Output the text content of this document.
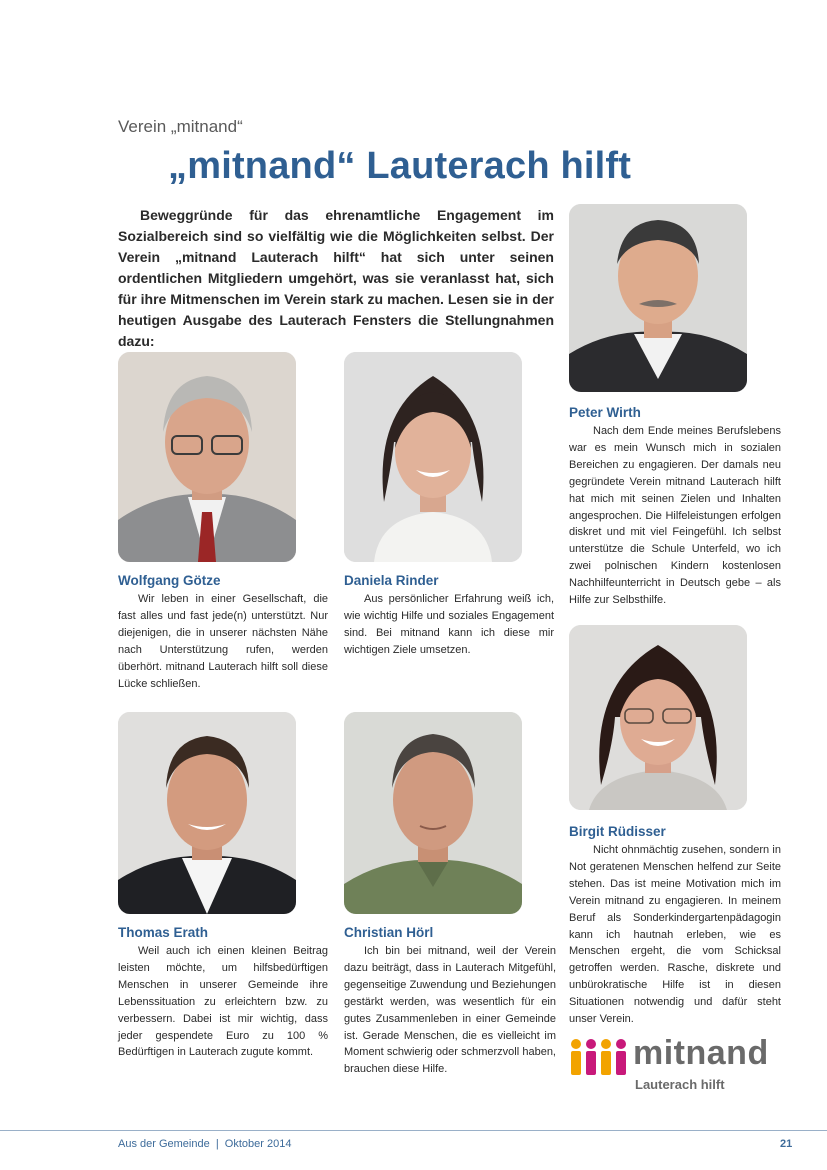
Verein „mitnand“
„mitnand“ Lauterach hilft
Beweggründe für das ehrenamtliche Engagement im Sozialbereich sind so vielfältig wie die Möglichkeiten selbst. Der Verein „mitnand Lauterach hilft“ hat sich unter seinen ordentlichen Mitgliedern umgehört, was sie veranlasst hat, sich für ihre Mitmenschen im Verein stark zu machen. Lesen sie in der heutigen Ausgabe des Lauterach Fensters die Stellungnahmen dazu:
Peter Wirth
Nach dem Ende meines Berufslebens war es mein Wunsch mich in sozialen Bereichen zu engagieren. Der damals neu gegründete Verein mitnand Lauterach hilft hat mich mit seinen Zielen und Inhalten angesprochen. Die Hilfeleistungen erfolgen diskret und mit viel Feingefühl. Ich selbst unterstütze die Schule Unterfeld, wo ich zwei polnischen Kindern kostenlosen Nachhilfeunterricht in Deutsch gebe – als Hilfe zur Selbsthilfe.
Wolfgang Götze
Wir leben in einer Gesellschaft, die fast alles und fast jede(n) unterstützt. Nur diejenigen, die in unserer nächsten Nähe nach Unterstützung rufen, werden überhört. mitnand Lauterach hilft soll diese Lücke schließen.
Daniela Rinder
Aus persönlicher Erfahrung weiß ich, wie wichtig Hilfe und soziales Engagement sind. Bei mitnand kann ich diese mir wichtigen Ziele umsetzen.
Birgit Rüdisser
Nicht ohnmächtig zusehen, sondern in Not geratenen Menschen helfend zur Seite stehen. Das ist meine Motivation mich im Verein mitnand zu engagieren. In meinem Beruf als Sonderkindergartenpädagogin kann ich hautnah erleben, wie es Menschen ergeht, die vom Schicksal getroffen werden. Rasche, diskrete und unbürokratische Hilfe ist in diesen Situationen notwendig und dafür steht unser Verein.
Thomas Erath
Weil auch ich einen kleinen Beitrag leisten möchte, um hilfsbedürftigen Menschen in unserer Gemeinde ihre Lebenssituation zu erleichtern bzw. zu verbessern. Dabei ist mir wichtig, dass jeder gespendete Euro zu 100 % Bedürftigen in Lauterach zugute kommt.
Christian Hörl
Ich bin bei mitnand, weil der Verein dazu beiträgt, dass in Lauterach Mitgefühl, gegenseitige Zuwendung und Beziehungen gestärkt werden, was wesentlich für ein gutes Zusammenleben in einer Gemeinde ist. Gerade Menschen, die es vielleicht im Moment schwierig oder schmerzvoll haben, brauchen diese Hilfe.	mitnand
Lauterach hilft
Aus der Gemeinde  |  Oktober 2014	21
